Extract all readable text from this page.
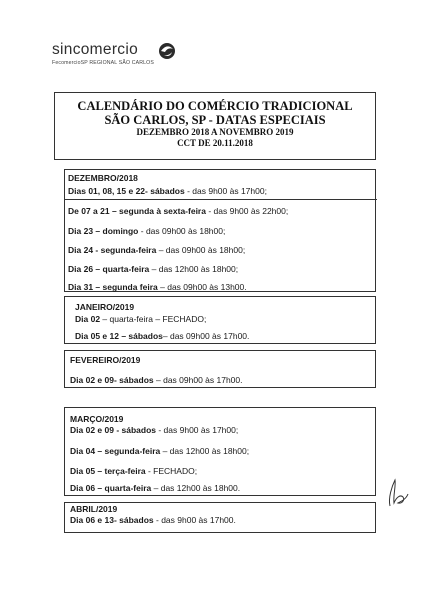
sincomercio
FecomercioSP REGIONAL SÃO CARLOS
CALENDÁRIO DO COMÉRCIO TRADICIONAL
SÃO CARLOS, SP - DATAS ESPECIAIS
DEZEMBRO 2018 A NOVEMBRO 2019
CCT DE 20.11.2018
DEZEMBRO/2018
Dias 01, 08, 15 e 22- sábados - das 9h00 às 17h00;
De 07 a 21 – segunda à sexta-feira - das 9h00 às 22h00;
Dia 23 – domingo - das 09h00 às 18h00;
Dia 24 - segunda-feira – das 09h00 às 18h00;
Dia 26 – quarta-feira – das 12h00 às 18h00;
Dia 31 – segunda feira – das 09h00 às 13h00.
JANEIRO/2019
Dia 02 – quarta-feira – FECHADO;
Dia 05 e 12 – sábados– das 09h00 às 17h00.
FEVEREIRO/2019
Dia 02 e 09- sábados – das 09h00 às 17h00.
MARÇO/2019
Dia 02 e 09 - sábados - das 9h00 às 17h00;
Dia 04 – segunda-feira – das 12h00 às 18h00;
Dia 05 – terça-feira - FECHADO;
Dia 06 – quarta-feira – das 12h00 às 18h00.
ABRIL/2019
Dia 06 e 13- sábados - das 9h00 às 17h00.
